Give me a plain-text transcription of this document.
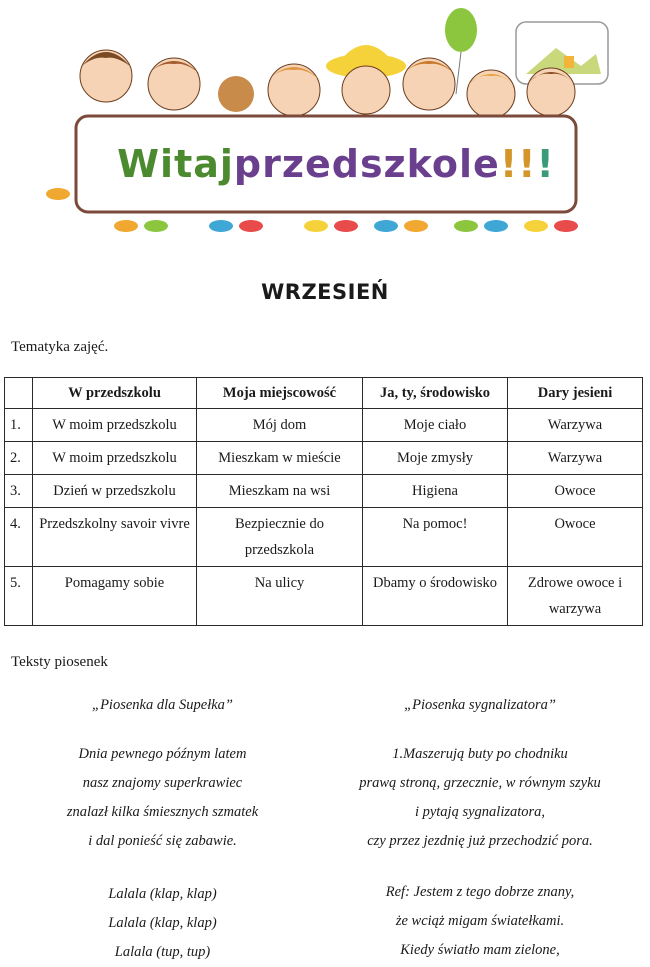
Witaj przedszkole !! !
WRZESIEŃ
Tematyka zajęć.
	W przedszkolu	Moja miejscowość	Ja, ty, środowisko	Dary jesieni
1.	W moim przedszkolu	Mój dom	Moje ciało	Warzywa
2.	W moim przedszkolu	Mieszkam w mieście	Moje zmysły	Warzywa
3.	Dzień w przedszkolu	Mieszkam na wsi	Higiena	Owoce
4.	Przedszkolny savoir vivre	Bezpiecznie do przedszkola	Na pomoc!	Owoce
5.	Pomagamy sobie	Na ulicy	Dbamy o środowisko	Zdrowe owoce i warzywa
Teksty piosenek
„Piosenka dla Supełka”
Dnia pewnego późnym latem
nasz znajomy superkrawiec
znalazł kilka śmiesznych szmatek
i dal ponieść się zabawie.
Lalala (klap, klap)
Lalala (klap, klap)
Lalala (tup, tup)
„Piosenka sygnalizatora”
1.Maszerują buty po chodniku
prawą stroną, grzecznie, w równym szyku
i pytają sygnalizatora,
czy przez jezdnię już przechodzić pora.
Ref: Jestem z tego dobrze znany,
że wciąż migam światełkami.
Kiedy światło mam zielone,
